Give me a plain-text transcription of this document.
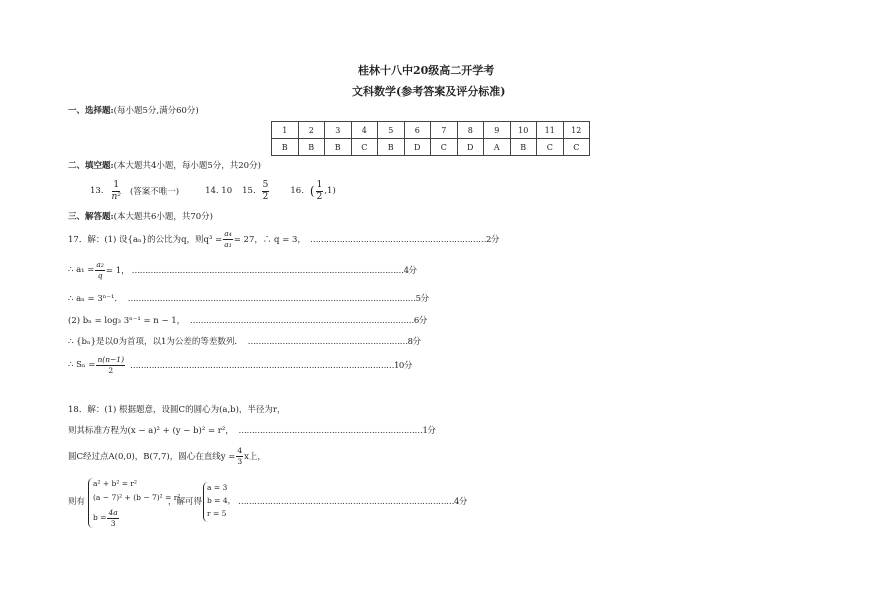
桂林十八中20级高二开学考
文科数学(参考答案及评分标准)
一、选择题:(每小题5分,满分60分)
1	2	3	4	5	6	7	8	9	10	11	12
B	B	B	C	B	D	C	D	A	B	C	C
二、填空题:(本大题共4小题，每小题5分，共20分)
13. $\frac{1}{\text{n²}}$ (答案不唯一)	14. 10 15. $\frac{5}{2} 16$. ( $\frac{1}{2} ,1$)
三、解答题:(本大题共6小题，共70分)
17．解：(1) 设{aₙ}的公比为q，则$q^3 = \frac{\text{a₄}}{\text{a₁}} = 27$，∴ q = 3， …………………………………………………………2分
∴ $a_1 = \frac{\text{a₂}}{q} = 1$， …………………………………………………………………………………………4分
∴ aₙ = 3ⁿ⁻¹． ………………………………………………………………………………………………5分
(2) bₙ = log₃ 3ⁿ⁻¹ = n − 1， …………………………………………………………………………6分
∴ {bₙ}是以0为首项，以1为公差的等差数列． ……………………………………………………8分
∴ $S_n = \frac{n(n-1)}{2}$ ………………………………………………………………………………………10分
18．解：(1) 根据题意，设圆C的圆心为(a,b)，半径为r，
则其标准方程为(x − a)² + (y − b)² = r²， ……………………………………………………………1分
圆C经过点A(0,0)，B(7,7)，圆心在直线$y = \frac{4}{3}$ x上，
则有
a² + b² = r²
(a − 7)² + (b − 7)² = r²
$b = \frac{4a}{3}$
，解可得
a = 3
b = 4，
r = 5
………………………………………………………………………4分
